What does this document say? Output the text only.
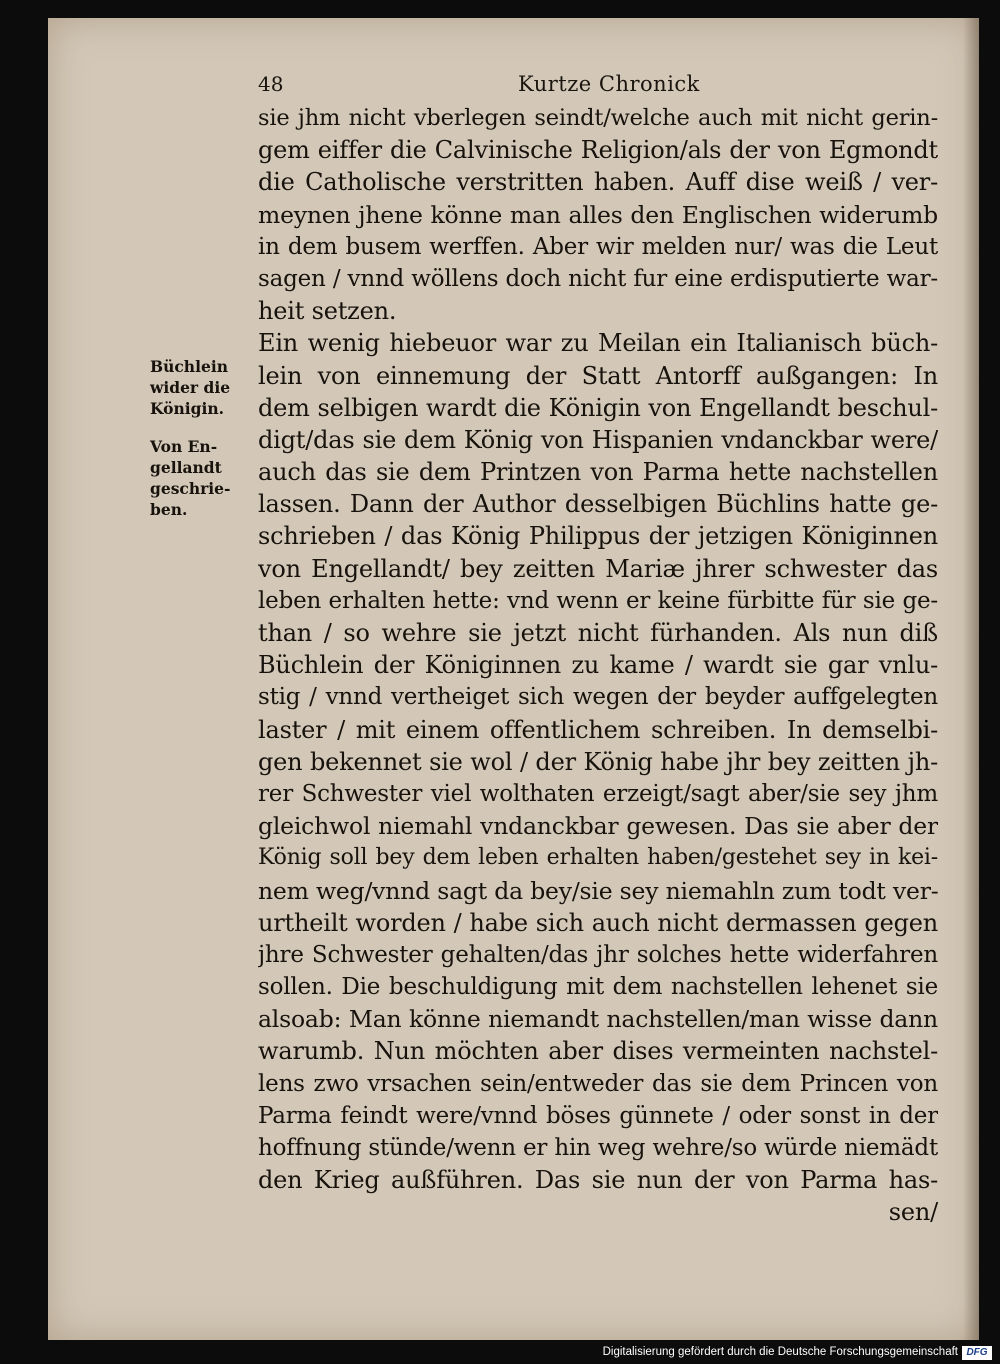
48	Kurtze Chronick
Büchlein
wider die
Königin.
Von En-
gellandt
geschrie-
ben.
sie jhm nicht vberlegen seindt/welche auch mit nicht gerin-
gem eiffer die Calvinische Religion/als der von Egmondt
die Catholische verstritten haben. Auff dise weiß / ver-
meynen jhene könne man alles den Englischen widerumb
in dem busem werffen. Aber wir melden nur/ was die Leut
sagen / vnnd wöllens doch nicht fur eine erdisputierte war-
heit setzen.
Ein wenig hiebeuor war zu Meilan ein Italianisch büch-
lein von einnemung der Statt Antorff außgangen: In
dem selbigen wardt die Königin von Engellandt beschul-
digt/das sie dem König von Hispanien vndanckbar were/
auch das sie dem Printzen von Parma hette nachstellen
lassen. Dann der Author desselbigen Büchlins hatte ge-
schrieben / das König Philippus der jetzigen Königinnen
von Engellandt/ bey zeitten Mariæ jhrer schwester das
leben erhalten hette: vnd wenn er keine fürbitte für sie ge-
than / so wehre sie jetzt nicht fürhanden. Als nun diß
Büchlein der Königinnen zu kame / wardt sie gar vnlu-
stig / vnnd vertheiget sich wegen der beyder auffgelegten
laster / mit einem offentlichem schreiben. In demselbi-
gen bekennet sie wol / der König habe jhr bey zeitten jh-
rer Schwester viel wolthaten erzeigt/sagt aber/sie sey jhm
gleichwol niemahl vndanckbar gewesen. Das sie aber der
König soll bey dem leben erhalten haben/gestehet sey in kei-
nem weg/vnnd sagt da bey/sie sey niemahln zum todt ver-
urtheilt worden / habe sich auch nicht dermassen gegen
jhre Schwester gehalten/das jhr solches hette widerfahren
sollen. Die beschuldigung mit dem nachstellen lehenet sie
alsoab: Man könne niemandt nachstellen/man wisse dann
warumb. Nun möchten aber dises vermeinten nachstel-
lens zwo vrsachen sein/entweder das sie dem Princen von
Parma feindt were/vnnd böses günnete / oder sonst in der
hoffnung stünde/wenn er hin weg wehre/so würde niemädt
den Krieg außführen. Das sie nun der von Parma has-
sen/
Digitalisierung gefördert durch die Deutsche Forschungsgemeinschaft DFG
